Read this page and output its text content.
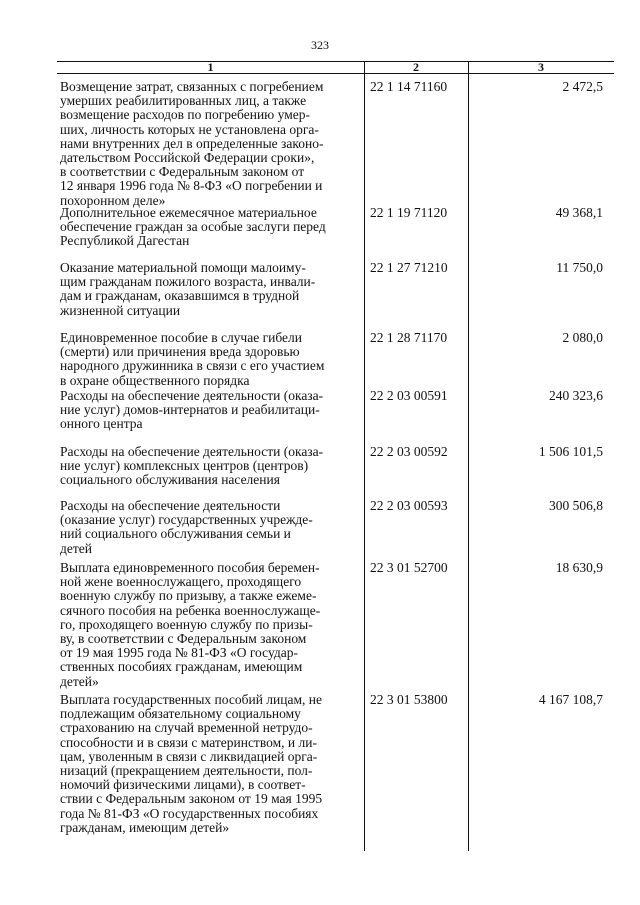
323
1	2	3
Возмещение затрат, связанных с погребением
умерших реабилитированных лиц, а также
возмещение расходов по погребению умер-
ших, личность которых не установлена орга-
нами внутренних дел в определенные законо-
дательством Российской Федерации сроки»,
в соответствии с Федеральным законом от
12 января 1996 года № 8-ФЗ «О погребении и
похоронном деле»
22 1 14 71160	2 472,5
Дополнительное ежемесячное материальное
обеспечение граждан за особые заслуги перед
Республикой Дагестан
22 1 19 71120	49 368,1
Оказание материальной помощи малоиму-
щим гражданам пожилого возраста, инвали-
дам и гражданам, оказавшимся в трудной
жизненной ситуации
22 1 27 71210	11 750,0
Единовременное пособие в случае гибели
(смерти) или причинения вреда здоровью
народного дружинника в связи с его участием
в охране общественного порядка
22 1 28 71170	2 080,0
Расходы на обеспечение деятельности (оказа-
ние услуг) домов-интернатов и реабилитаци-
онного центра
22 2 03 00591	240 323,6
Расходы на обеспечение деятельности (оказа-
ние услуг) комплексных центров (центров)
социального обслуживания населения
22 2 03 00592	1 506 101,5
Расходы на обеспечение деятельности
(оказание услуг) государственных учрежде-
ний социального обслуживания семьи и
детей
22 2 03 00593	300 506,8
Выплата единовременного пособия беремен-
ной жене военнослужащего, проходящего
военную службу по призыву, а также ежеме-
сячного пособия на ребенка военнослужаще-
го, проходящего военную службу по призы-
ву, в соответствии с Федеральным законом
от 19 мая 1995 года № 81-ФЗ «О государ-
ственных пособиях гражданам, имеющим
детей»
22 3 01 52700	18 630,9
Выплата государственных пособий лицам, не
подлежащим обязательному социальному
страхованию на случай временной нетрудо-
способности и в связи с материнством, и ли-
цам, уволенным в связи с ликвидацией орга-
низаций (прекращением деятельности, пол-
номочий физическими лицами), в соответ-
ствии с Федеральным законом от 19 мая 1995
года № 81-ФЗ «О государственных пособиях
гражданам, имеющим детей»
22 3 01 53800	4 167 108,7
